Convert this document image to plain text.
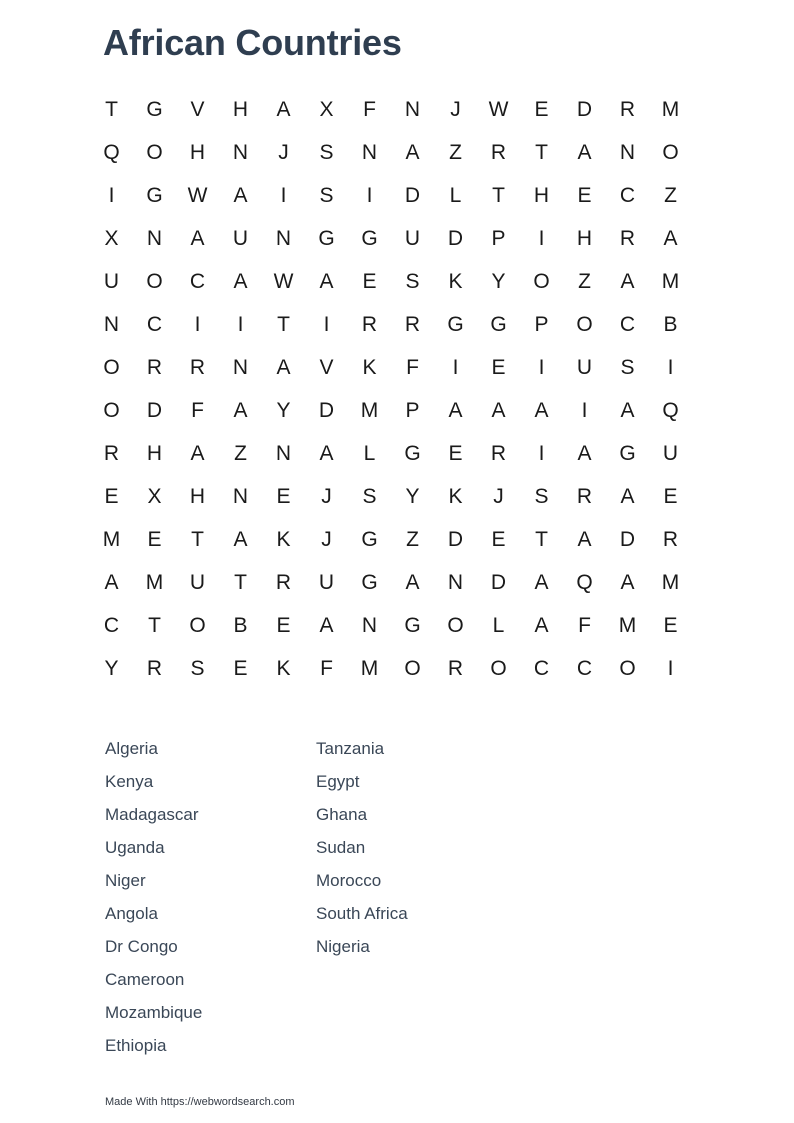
African Countries
T	G	V	H	A	X	F	N	J	W	E	D	R	M
Q	O	H	N	J	S	N	A	Z	R	T	A	N	O
I	G	W	A	I	S	I	D	L	T	H	E	C	Z
X	N	A	U	N	G	G	U	D	P	I	H	R	A
U	O	C	A	W	A	E	S	K	Y	O	Z	A	M
N	C	I	I	T	I	R	R	G	G	P	O	C	B
O	R	R	N	A	V	K	F	I	E	I	U	S	I
O	D	F	A	Y	D	M	P	A	A	A	I	A	Q
R	H	A	Z	N	A	L	G	E	R	I	A	G	U
E	X	H	N	E	J	S	Y	K	J	S	R	A	E
M	E	T	A	K	J	G	Z	D	E	T	A	D	R
A	M	U	T	R	U	G	A	N	D	A	Q	A	M
C	T	O	B	E	A	N	G	O	L	A	F	M	E
Y	R	S	E	K	F	M	O	R	O	C	C	O	I
Algeria
Kenya
Madagascar
Uganda
Niger
Angola
Dr Congo
Cameroon
Mozambique
Ethiopia
Tanzania
Egypt
Ghana
Sudan
Morocco
South Africa
Nigeria
Made With https://webwordsearch.com
